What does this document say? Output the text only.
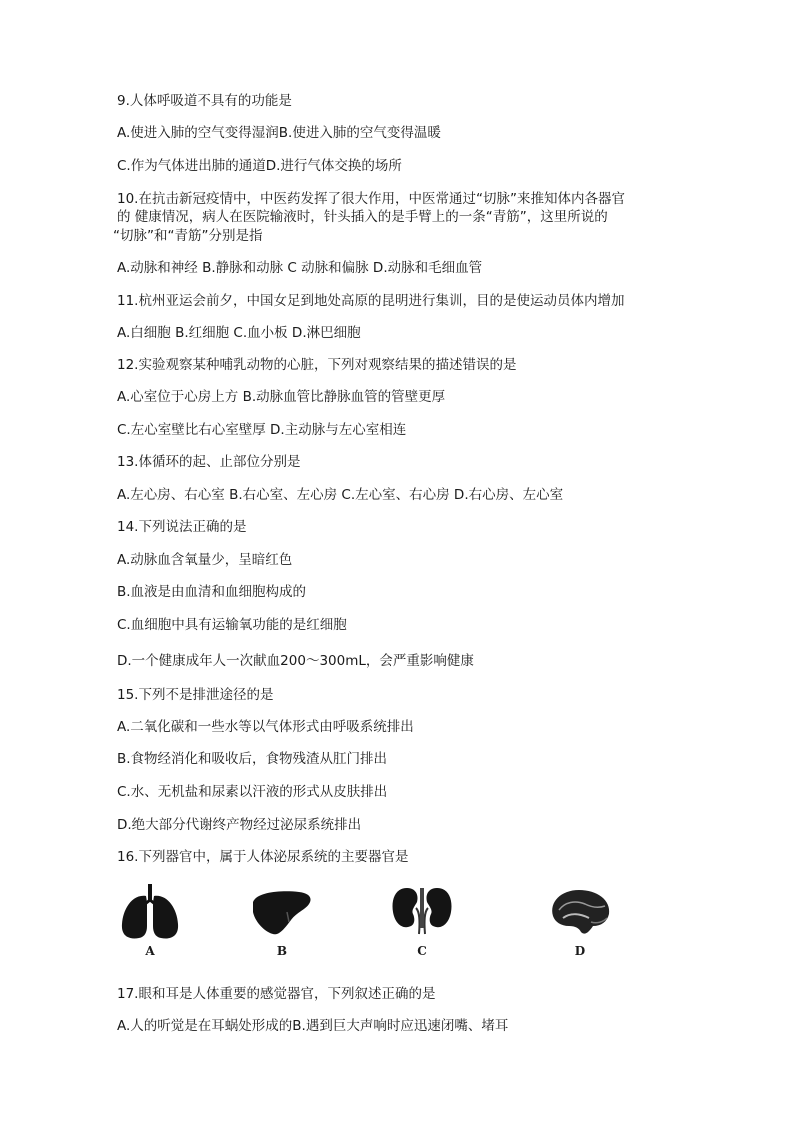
9.人体呼吸道不具有的功能是
A.使进入肺的空气变得湿润B.使进入肺的空气变得温暖
C.作为气体进出肺的通道D.进行气体交换的场所
10.在抗击新冠疫情中，中医药发挥了很大作用，中医常通过“切脉”来推知体内各器官
的 健康情况，病人在医院输液时，针头插入的是手臂上的一条“青筋”，这里所说的
“切脉”和“青筋”分别是指
A.动脉和神经 B.静脉和动脉 C 动脉和偏脉 D.动脉和毛细血管
11.杭州亚运会前夕，中国女足到地处高原的昆明进行集训，目的是使运动员体内增加
A.白细胞 B.红细胞 C.血小板 D.淋巴细胞
12.实验观察某种哺乳动物的心脏，下列对观察结果的描述错误的是
A.心室位于心房上方 B.动脉血管比静脉血管的管壁更厚
C.左心室壁比右心室壁厚 D.主动脉与左心室相连
13.体循环的起、止部位分别是
A.左心房、右心室 B.右心室、左心房 C.左心室、右心房 D.右心房、左心室
14.下列说法正确的是
A.动脉血含氧量少，呈暗红色
B.血液是由血清和血细胞构成的
C.血细胞中具有运输氧功能的是红细胞
D.一个健康成年人一次献血200～300mL，会严重影响健康
15.下列不是排泄途径的是
A.二氧化碳和一些水等以气体形式由呼吸系统排出
B.食物经消化和吸收后，食物残渣从肛门排出
C.水、无机盐和尿素以汗液的形式从皮肤排出
D.绝大部分代谢终产物经过泌尿系统排出
16.下列器官中，属于人体泌尿系统的主要器官是
A	B	C	D
17.眼和耳是人体重要的感觉器官，下列叙述正确的是
A.人的听觉是在耳蜗处形成的B.遇到巨大声响时应迅速闭嘴、堵耳
